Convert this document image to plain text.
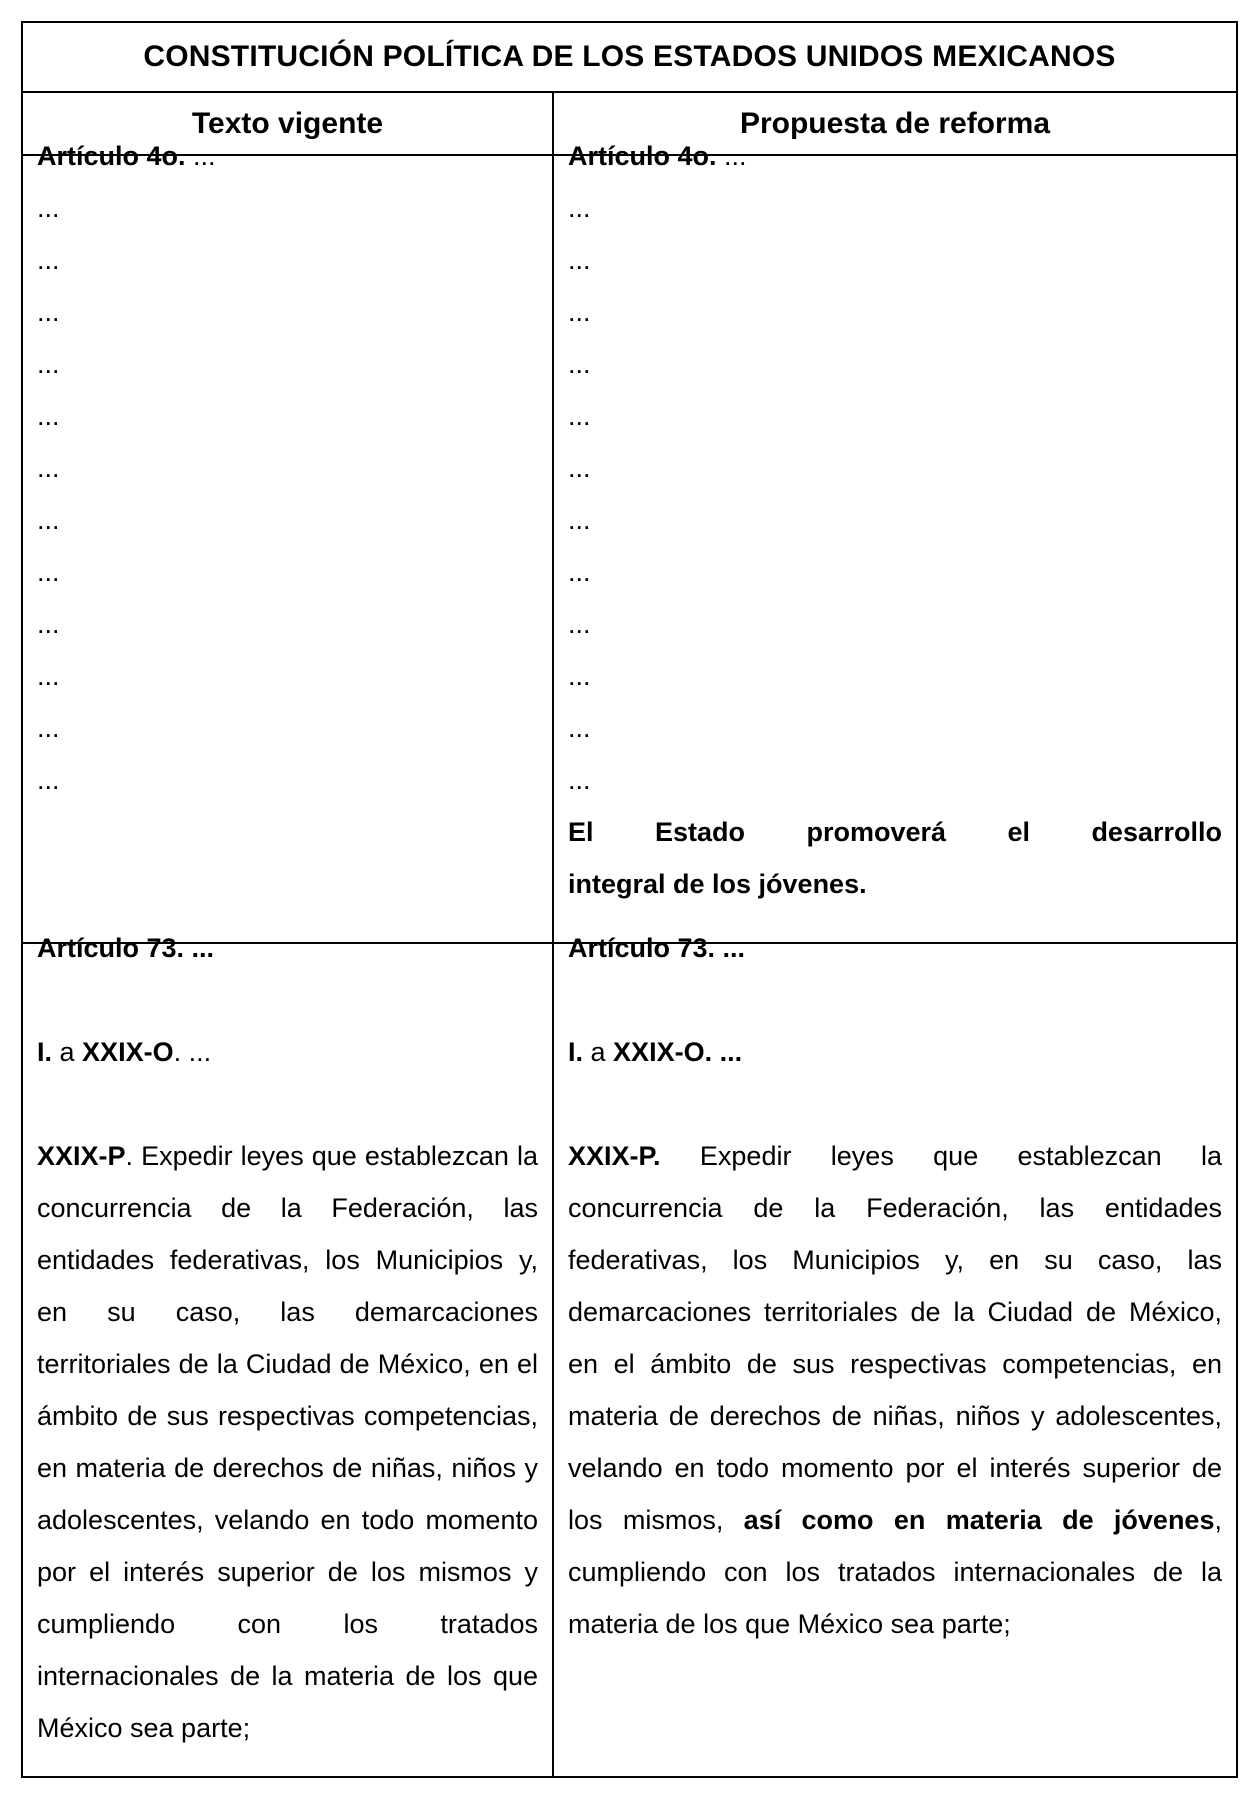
CONSTITUCIÓN POLÍTICA DE LOS ESTADOS UNIDOS MEXICANOS
Texto vigente	Propuesta de reforma

Artículo 4o. ...

...
...
...
...
...
...
...
...
...
...
...
...

Artículo 4o. ...

...
...
...
...
...
...
...
...
...
...
...
...

El Estado promoverá el desarrollo

integral de los jóvenes.

Artículo 73. ...

I. a XXIX-O. ...

XXIX-P. Expedir leyes que establezcan la concurrencia de la Federación, las entidades federativas, los Municipios y, en su caso, las demarcaciones territoriales de la Ciudad de México, en el ámbito de sus respectivas competencias, en materia de derechos de niñas, niños y adolescentes, velando en todo momento por el interés superior de los mismos y cumpliendo con los tratados internacionales de la materia de los que México sea parte;

Artículo 73. ...

I. a XXIX-O. ...

XXIX-P. Expedir leyes que establezcan la concurrencia de la Federación, las entidades federativas, los Municipios y, en su caso, las demarcaciones territoriales de la Ciudad de México, en el ámbito de sus respectivas competencias, en materia de derechos de niñas, niños y adolescentes, velando en todo momento por el interés superior de los mismos, así como en materia de jóvenes, cumpliendo con los tratados internacionales de la materia de los que México sea parte;
